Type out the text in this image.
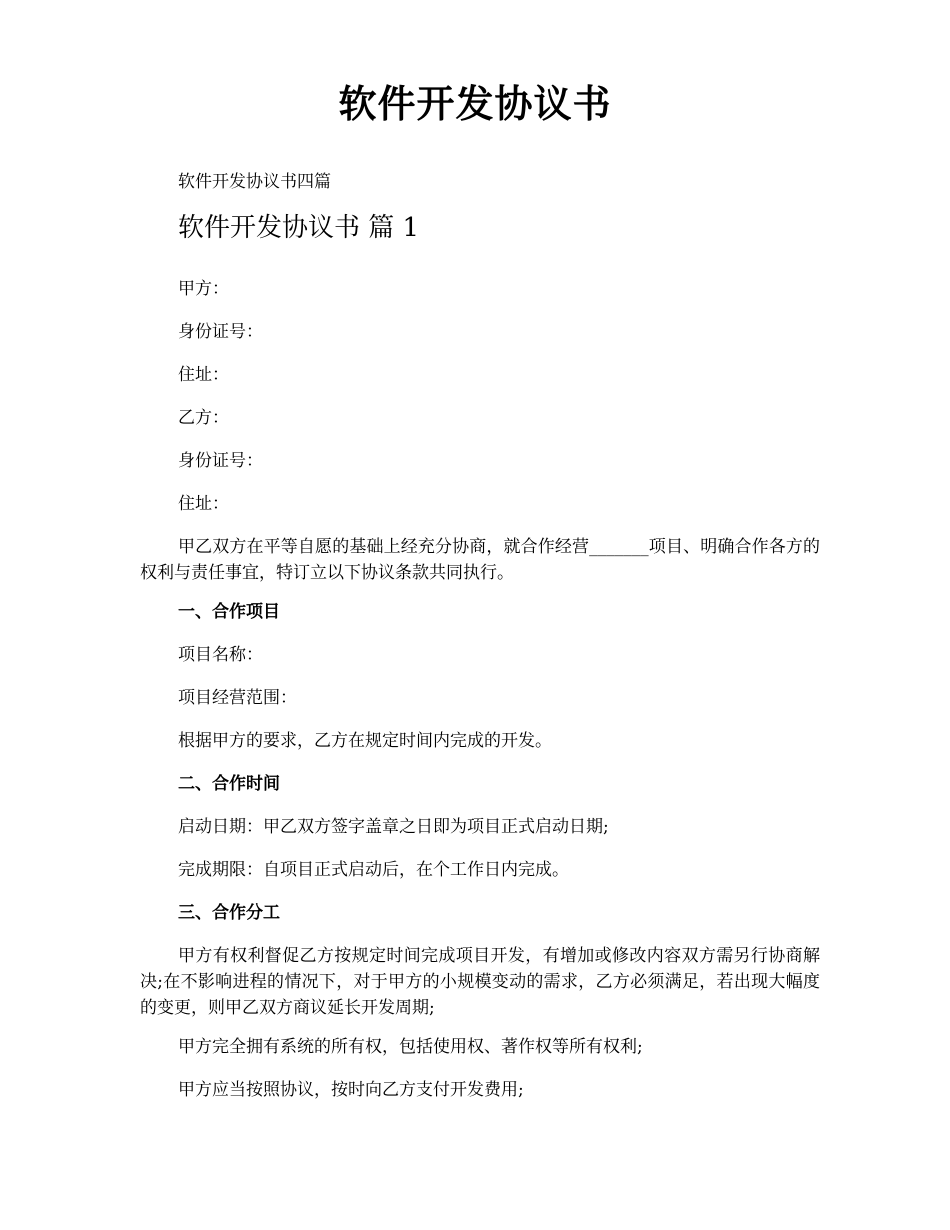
软件开发协议书
软件开发协议书四篇
软件开发协议书 篇 1
甲方：
身份证号：
住址：
乙方：
身份证号：
住址：
甲乙双方在平等自愿的基础上经充分协商，就合作经营_______项目、明确合作各方的权利与责任事宜，特订立以下协议条款共同执行。
一、合作项目
项目名称：
项目经营范围：
根据甲方的要求，乙方在规定时间内完成的开发。
二、合作时间
启动日期：甲乙双方签字盖章之日即为项目正式启动日期;
完成期限：自项目正式启动后，在个工作日内完成。
三、合作分工
甲方有权利督促乙方按规定时间完成项目开发，有增加或修改内容双方需另行协商解决;在不影响进程的情况下，对于甲方的小规模变动的需求，乙方必须满足，若出现大幅度的变更，则甲乙双方商议延长开发周期;
甲方完全拥有系统的所有权，包括使用权、著作权等所有权利;
甲方应当按照协议，按时向乙方支付开发费用;
